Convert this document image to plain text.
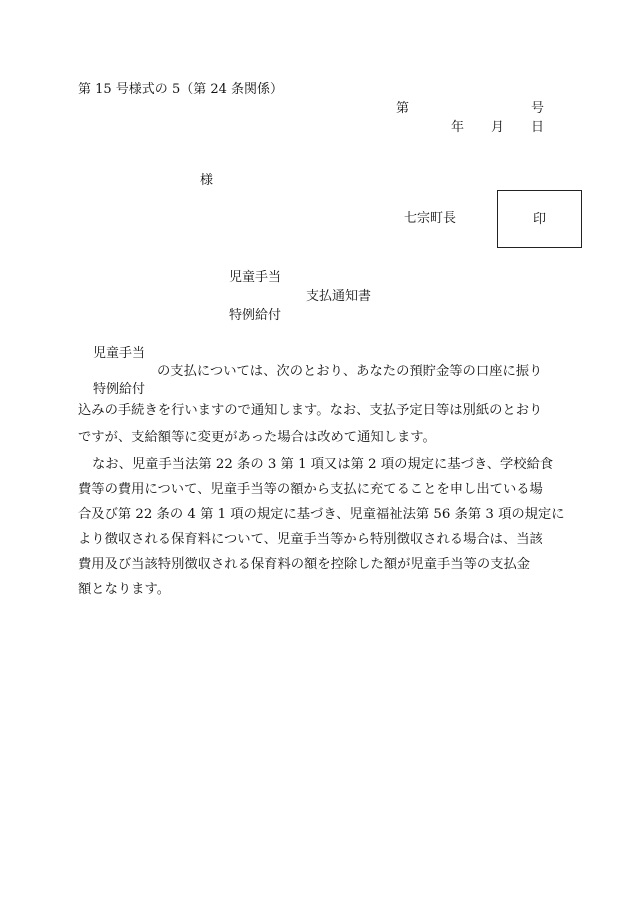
第 15 号様式の 5（第 24 条関係）
第	号
年 月 日
様
七宗町長	印
児童手当
支払通知書
特例給付
児童手当
の支払については、次のとおり、あなたの預貯金等の口座に振り
特例給付
込みの手続きを行いますので通知します。なお、支払予定日等は別紙のとおり
ですが、支給額等に変更があった場合は改めて通知します。
なお、児童手当法第 22 条の 3 第 1 項又は第 2 項の規定に基づき、学校給食
費等の費用について、児童手当等の額から支払に充てることを申し出ている場
合及び第 22 条の 4 第 1 項の規定に基づき、児童福祉法第 56 条第 3 項の規定に
より徴収される保育料について、児童手当等から特別徴収される場合は、当該
費用及び当該特別徴収される保育料の額を控除した額が児童手当等の支払金
額となります。
